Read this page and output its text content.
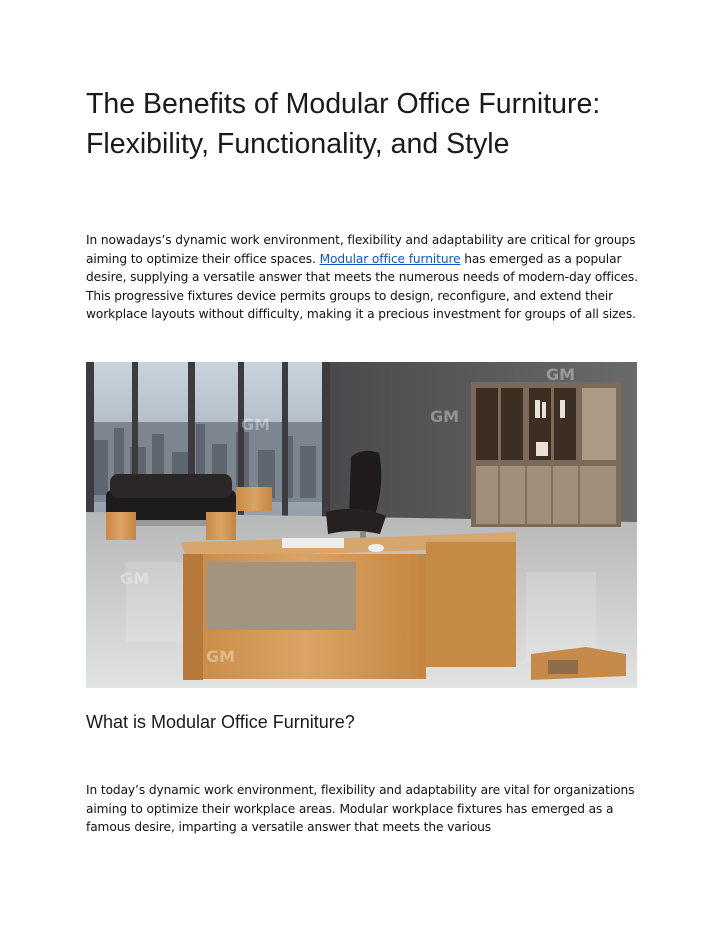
The Benefits of Modular Office Furniture: Flexibility, Functionality, and Style

In nowadays’s dynamic work environment, flexibility and adaptability are critical for groups aiming to optimize their office spaces. Modular office furniture has emerged as a popular desire, supplying a versatile answer that meets the numerous needs of modern-day offices. This progressive fixtures device permits groups to design, reconfigure, and extend their workplace layouts without difficulty, making it a precious investment for groups of all sizes.

GM
GM
GM
GM
GM
What is Modular Office Furniture?

In today’s dynamic work environment, flexibility and adaptability are vital for organizations aiming to optimize their workplace areas. Modular workplace fixtures has emerged as a famous desire, imparting a versatile answer that meets the various
